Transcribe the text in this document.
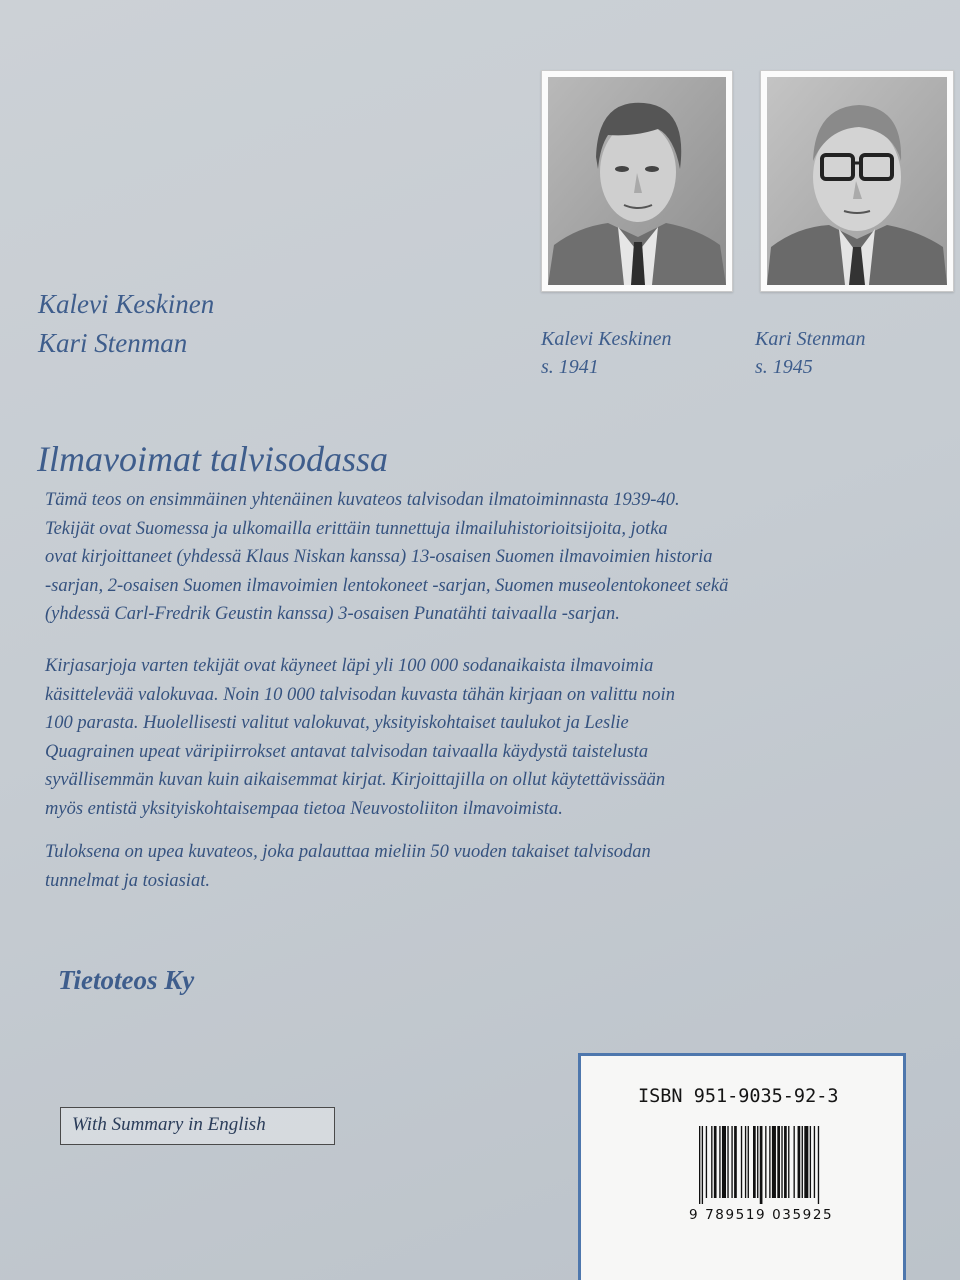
Kalevi Keskinen
Kari Stenman	Kalevi Keskinen
s. 1941
Kari Stenman
s. 1945
Ilmavoimat talvisodassa
Tämä teos on ensimmäinen yhtenäinen kuvateos talvisodan ilmatoiminnasta 1939-40.
Tekijät ovat Suomessa ja ulkomailla erittäin tunnettuja ilmailuhistorioitsijoita, jotka
ovat kirjoittaneet (yhdessä Klaus Niskan kanssa) 13-osaisen Suomen ilmavoimien historia
-sarjan, 2-osaisen Suomen ilmavoimien lentokoneet -sarjan, Suomen museolentokoneet sekä
(yhdessä Carl-Fredrik Geustin kanssa) 3-osaisen Punatähti taivaalla -sarjan.
Kirjasarjoja varten tekijät ovat käyneet läpi yli 100 000 sodanaikaista ilmavoimia
käsittelevää valokuvaa. Noin 10 000 talvisodan kuvasta tähän kirjaan on valittu noin
100 parasta. Huolellisesti valitut valokuvat, yksityiskohtaiset taulukot ja Leslie
Quagrainen upeat väripiirrokset antavat talvisodan taivaalla käydystä taistelusta
syvällisemmän kuvan kuin aikaisemmat kirjat. Kirjoittajilla on ollut käytettävissään
myös entistä yksityiskohtaisempaa tietoa Neuvostoliiton ilmavoimista.
Tuloksena on upea kuvateos, joka palauttaa mieliin 50 vuoden takaiset talvisodan
tunnelmat ja tosiasiat.
Tietoteos Ky
With Summary in English
ISBN 951-9035-92-3
9 789519 035925
